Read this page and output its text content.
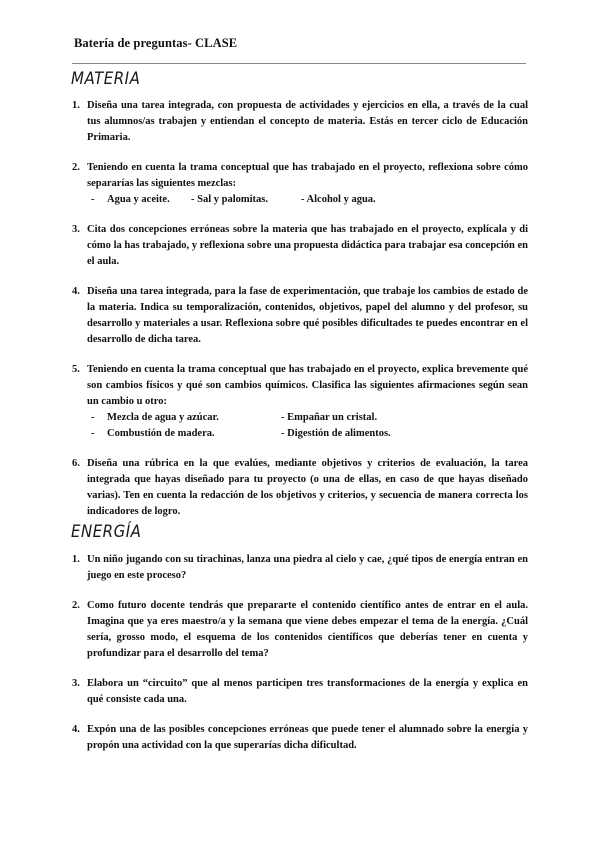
Batería de preguntas- CLASE
MATERIA
1. Diseña una tarea integrada, con propuesta de actividades y ejercicios en ella, a través de la cual tus alumnos/as trabajen y entiendan el concepto de materia. Estás en tercer ciclo de Educación Primaria.
2. Teniendo en cuenta la trama conceptual que has trabajado en el proyecto, reflexiona sobre cómo separarías las siguientes mezclas:
- Agua y aceite.	- Sal y palomitas.	- Alcohol y agua.
3. Cita dos concepciones erróneas sobre la materia que has trabajado en el proyecto, explícala y di cómo la has trabajado, y reflexiona sobre una propuesta didáctica para trabajar esa concepción en el aula.
4. Diseña una tarea integrada, para la fase de experimentación, que trabaje los cambios de estado de la materia. Indica su temporalización, contenidos, objetivos, papel del alumno y del profesor, su desarrollo y materiales a usar. Reflexiona sobre qué posibles dificultades te puedes encontrar en el desarrollo de dicha tarea.
5. Teniendo en cuenta la trama conceptual que has trabajado en el proyecto, explica brevemente qué son cambios físicos y qué son cambios químicos. Clasifica las siguientes afirmaciones según sean un cambio u otro:
- Mezcla de agua y azúcar.	- Empañar un cristal.
- Combustión de madera.	- Digestión de alimentos.
6. Diseña una rúbrica en la que evalúes, mediante objetivos y criterios de evaluación, la tarea integrada que hayas diseñado para tu proyecto (o una de ellas, en caso de que hayas diseñado varias). Ten en cuenta la redacción de los objetivos y criterios, y secuencia de manera correcta los indicadores de logro.
ENERGÍA
1. Un niño jugando con su tirachinas, lanza una piedra al cielo y cae, ¿qué tipos de energía entran en juego en este proceso?
2. Como futuro docente tendrás que prepararte el contenido científico antes de entrar en el aula. Imagina que ya eres maestro/a y la semana que viene debes empezar el tema de la energía. ¿Cuál sería, grosso modo, el esquema de los contenidos científicos que deberías tener en cuenta y profundizar para el desarrollo del tema?
3. Elabora un “circuito” que al menos participen tres transformaciones de la energía y explica en qué consiste cada una.
4. Expón una de las posibles concepciones erróneas que puede tener el alumnado sobre la energía y propón una actividad con la que superarías dicha dificultad.
